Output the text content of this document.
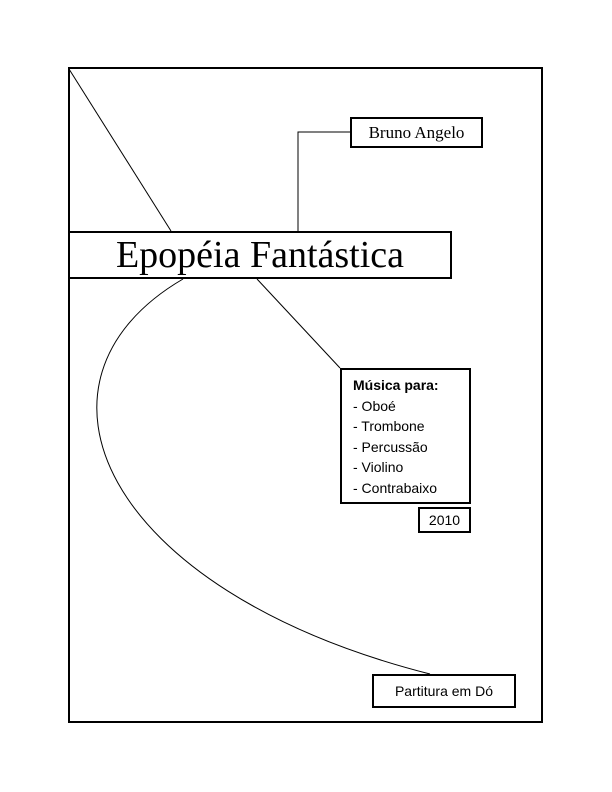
Bruno Angelo
Epopéia Fantástica
Música para:
- Oboé
- Trombone
- Percussão
- Violino
- Contrabaixo
2010
Partitura em Dó
